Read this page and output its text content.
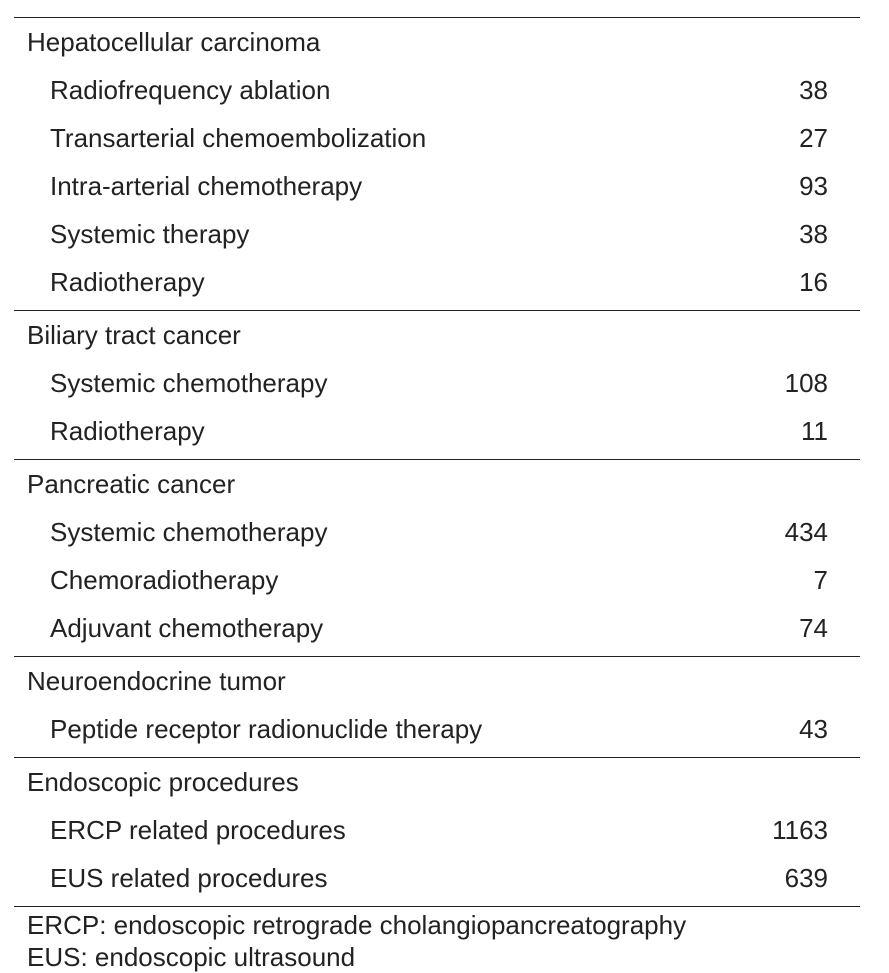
Hepatocellular carcinoma
Radiofrequency ablation	38
Transarterial chemoembolization	27
Intra-arterial chemotherapy	93
Systemic therapy	38
Radiotherapy	16
Biliary tract cancer
Systemic chemotherapy	108
Radiotherapy	11
Pancreatic cancer
Systemic chemotherapy	434
Chemoradiotherapy	7
Adjuvant chemotherapy	74
Neuroendocrine tumor
Peptide receptor radionuclide therapy	43
Endoscopic procedures
ERCP related procedures	1163
EUS related procedures	639
ERCP: endoscopic retrograde cholangiopancreatography
EUS: endoscopic ultrasound
